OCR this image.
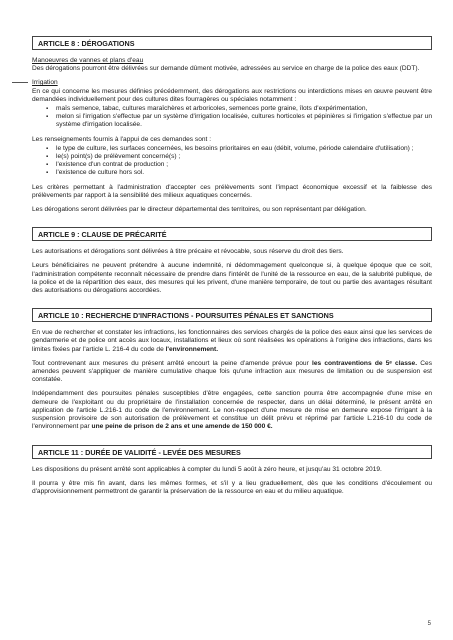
ARTICLE 8 : DÉROGATIONS
Manoeuvres de vannes et plans d'eau

Des dérogations pourront être délivrées sur demande dûment motivée, adressées au service en charge de la police des eaux (DDT).

Irrigation

En ce qui concerne les mesures définies précédemment, des dérogations aux restrictions ou interdictions mises en œuvre peuvent être demandées individuellement pour des cultures dites fourragères ou spéciales notamment :

▪ maïs semence, tabac, cultures maraîchères et arboricoles, semences porte graine, îlots d'expérimentation,
▪ melon si l'irrigation s'effectue par un système d'irrigation localisée, cultures horticoles et pépinières si l'irrigation s'effectue par un système d'irrigation localisée.

Les renseignements fournis à l'appui de ces demandes sont :

▪ le type de culture, les surfaces concernées, les besoins prioritaires en eau (débit, volume, période calendaire d'utilisation) ;
▪ le(s) point(s) de prélèvement concerné(s) ;
▪ l'existence d'un contrat de production ;
▪ l'existence de culture hors sol.

Les critères permettant à l'administration d'accepter ces prélèvements sont l'impact économique excessif et la faiblesse des prélèvements par rapport à la sensibilité des milieux aquatiques concernés.

Les dérogations seront délivrées par le directeur départemental des territoires, ou son représentant par délégation.

ARTICLE 9 : CLAUSE DE PRÉCARITÉ

Les autorisations et dérogations sont délivrées à titre précaire et révocable, sous réserve du droit des tiers.

Leurs bénéficiaires ne peuvent prétendre à aucune indemnité, ni dédommagement quelconque si, à quelque époque que ce soit, l'administration compétente reconnaît nécessaire de prendre dans l'intérêt de l'unité de la ressource en eau, de la salubrité publique, de la police et de la répartition des eaux, des mesures qui les privent, d'une manière temporaire, de tout ou partie des avantages résultant des autorisations ou dérogations accordées.

ARTICLE 10 : RECHERCHE D'INFRACTIONS - POURSUITES PÉNALES ET SANCTIONS

En vue de rechercher et constater les infractions, les fonctionnaires des services chargés de la police des eaux ainsi que les services de gendarmerie et de police ont accès aux locaux, installations et lieux où sont réalisées les opérations à l'origine des infractions, dans les limites fixées par l'article L. 216-4 du code de l'environnement.

Tout contrevenant aux mesures du présent arrêté encourt la peine d'amende prévue pour les contraventions de 5ᵉ classe. Ces amendes peuvent s'appliquer de manière cumulative chaque fois qu'une infraction aux mesures de limitation ou de suspension est constatée.

Indépendamment des poursuites pénales susceptibles d'être engagées, cette sanction pourra être accompagnée d'une mise en demeure de l'exploitant ou du propriétaire de l'installation concernée de respecter, dans un délai déterminé, le présent arrêté en application de l'article L.216-1 du code de l'environnement. Le non-respect d'une mesure de mise en demeure expose l'irrigant à la suspension provisoire de son autorisation de prélèvement et constitue un délit prévu et réprimé par l'article L.216-10 du code de l'environnement par une peine de prison de 2 ans et une amende de 150 000 €.

ARTICLE 11 : DURÉE DE VALIDITÉ - LEVÉE DES MESURES

Les dispositions du présent arrêté sont applicables à compter du lundi 5 août à zéro heure, et jusqu'au 31 octobre 2019.

Il pourra y être mis fin avant, dans les mêmes formes, et s'il y a lieu graduellement, dès que les conditions d'écoulement ou d'approvisionnement permettront de garantir la préservation de la ressource en eau et du milieu aquatique.

5
